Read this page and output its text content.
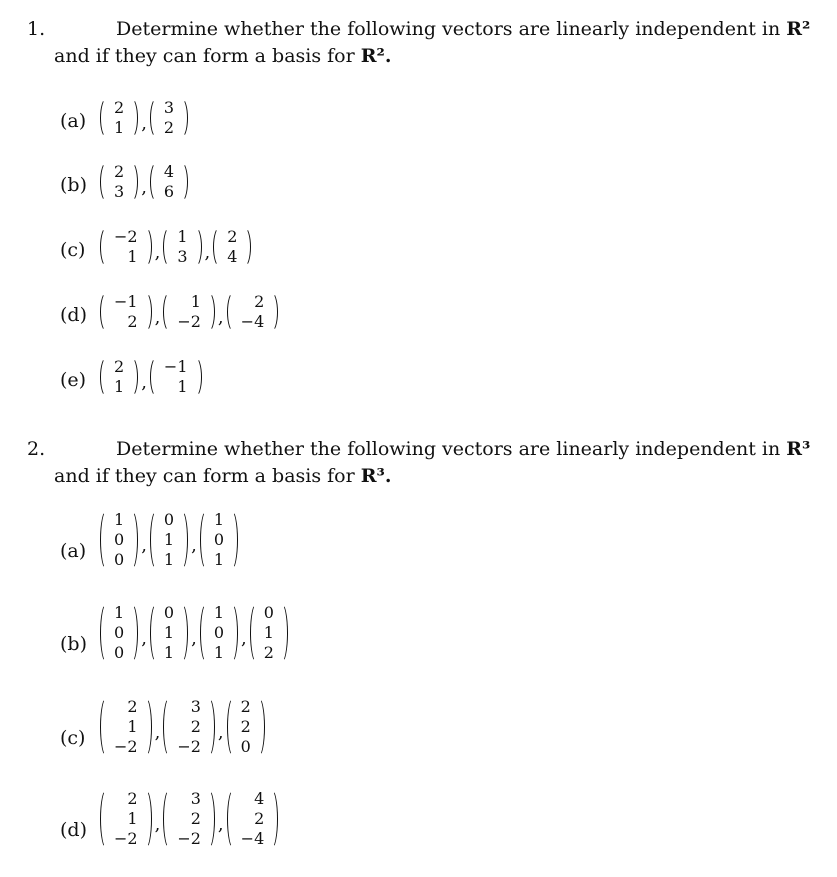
1.	Determine whether the following vectors are linearly independent in R²
and if they can form a basis for R².
(a)
2
1 ,
3
2
(b)
2
3 ,
4
6
(c)
−2
1 ,
1
3 ,
2
4
(d)
−1
2 ,
1
−2 ,
2
−4
(e)
2
1 ,
−1
1
2.	Determine whether the following vectors are linearly independent in R³
and if they can form a basis for R³.
(a)
1
0
0
,
0
1
1
,
1
0
1
(b)
1
0
0
,
0
1
1
,
1
0
1
,
0
1
2
(c)
2
1
−2
,
3
2
−2
,
2
2
0
(d)
2
1
−2
,
3
2
−2
,
4
2
−4
